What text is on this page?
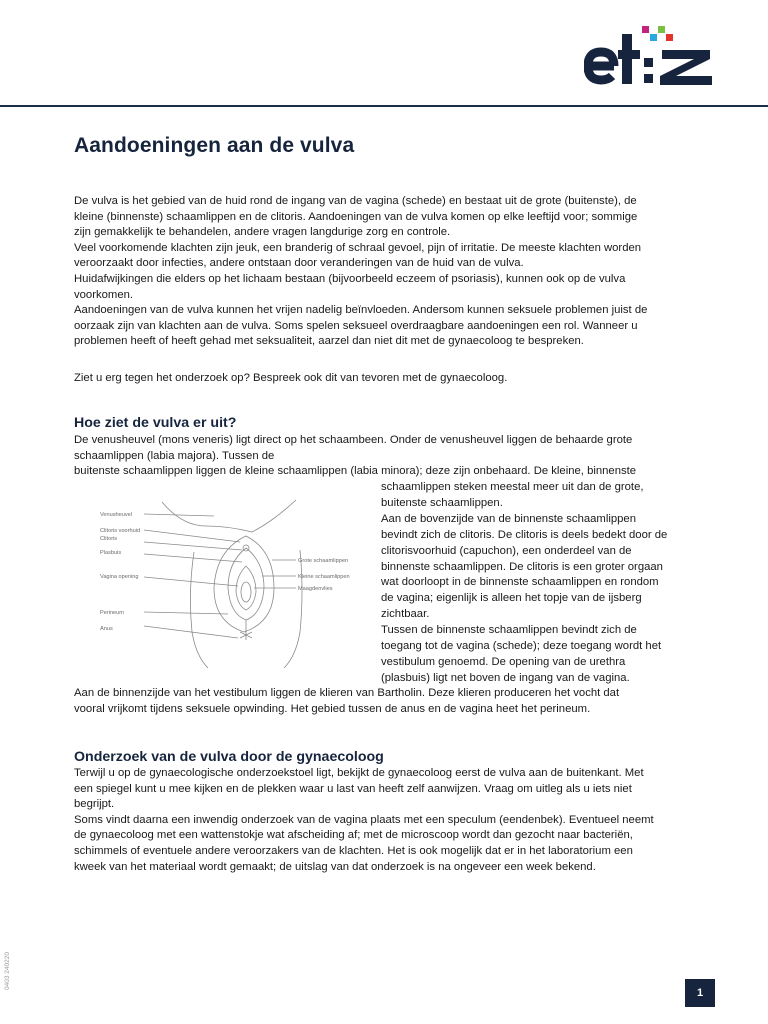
Aandoeningen aan de vulva

De vulva is het gebied van de huid rond de ingang van de vagina (schede) en bestaat uit de grote (buitenste), de

kleine (binnenste) schaamlippen en de clitoris. Aandoeningen van de vulva komen op elke leeftijd voor; sommige

zijn gemakkelijk te behandelen, andere vragen langdurige zorg en controle.

Veel voorkomende klachten zijn jeuk, een branderig of schraal gevoel, pijn of irritatie. De meeste klachten worden

veroorzaakt door infecties, andere ontstaan door veranderingen van de huid van de vulva.

Huidafwijkingen die elders op het lichaam bestaan (bijvoorbeeld eczeem of psoriasis), kunnen ook op de vulva

voorkomen.

Aandoeningen van de vulva kunnen het vrijen nadelig beïnvloeden. Andersom kunnen seksuele problemen juist de

oorzaak zijn van klachten aan de vulva. Soms spelen seksueel overdraagbare aandoeningen een rol. Wanneer u

problemen heeft of heeft gehad met seksualiteit, aarzel dan niet dit met de gynaecoloog te bespreken.

Ziet u erg tegen het onderzoek op? Bespreek ook dit van tevoren met de gynaecoloog.

Hoe ziet de vulva er uit?

De venusheuvel (mons veneris) ligt direct op het schaambeen. Onder de venusheuvel liggen de behaarde grote

schaamlippen (labia majora). Tussen de

buitenste schaamlippen liggen de kleine schaamlippen (labia minora); deze zijn onbehaard. De kleine, binnenste

Venusheuvel
Clitoris voorhuid
Clitoris
Plasbuis
Vagina opening
Perineum
Anus
Grote schaamlippen
Kleine schaamlippen
Maagdenvlies

schaamlippen steken meestal meer uit dan de grote,

buitenste schaamlippen.

Aan de bovenzijde van de binnenste schaamlippen

bevindt zich de clitoris. De clitoris is deels bedekt door de

clitorisvoorhuid (capuchon), een onderdeel van de

binnenste schaamlippen. De clitoris is een groter orgaan

wat doorloopt in de binnenste schaamlippen en rondom

de vagina; eigenlijk is alleen het topje van de ijsberg

zichtbaar.

Tussen de binnenste schaamlippen bevindt zich de

toegang tot de vagina (schede); deze toegang wordt het

vestibulum genoemd. De opening van de urethra

(plasbuis) ligt net boven de ingang van de vagina.

Aan de binnenzijde van het vestibulum liggen de klieren van Bartholin. Deze klieren produceren het vocht dat

vooral vrijkomt tijdens seksuele opwinding. Het gebied tussen de anus en de vagina heet het perineum.

Onderzoek van de vulva door de gynaecoloog

Terwijl u op de gynaecologische onderzoekstoel ligt, bekijkt de gynaecoloog eerst de vulva aan de buitenkant. Met

een spiegel kunt u mee kijken en de plekken waar u last van heeft zelf aanwijzen. Vraag om uitleg als u iets niet

begrijpt.

Soms vindt daarna een inwendig onderzoek van de vagina plaats met een speculum (eendenbek). Eventueel neemt

de gynaecoloog met een wattenstokje wat afscheiding af; met de microscoop wordt dan gezocht naar bacteriën,

schimmels of eventuele andere veroorzakers van de klachten. Het is ook mogelijk dat er in het laboratorium een

kweek van het materiaal wordt gemaakt; de uitslag van dat onderzoek is na ongeveer een week bekend.

0403 240220
1
